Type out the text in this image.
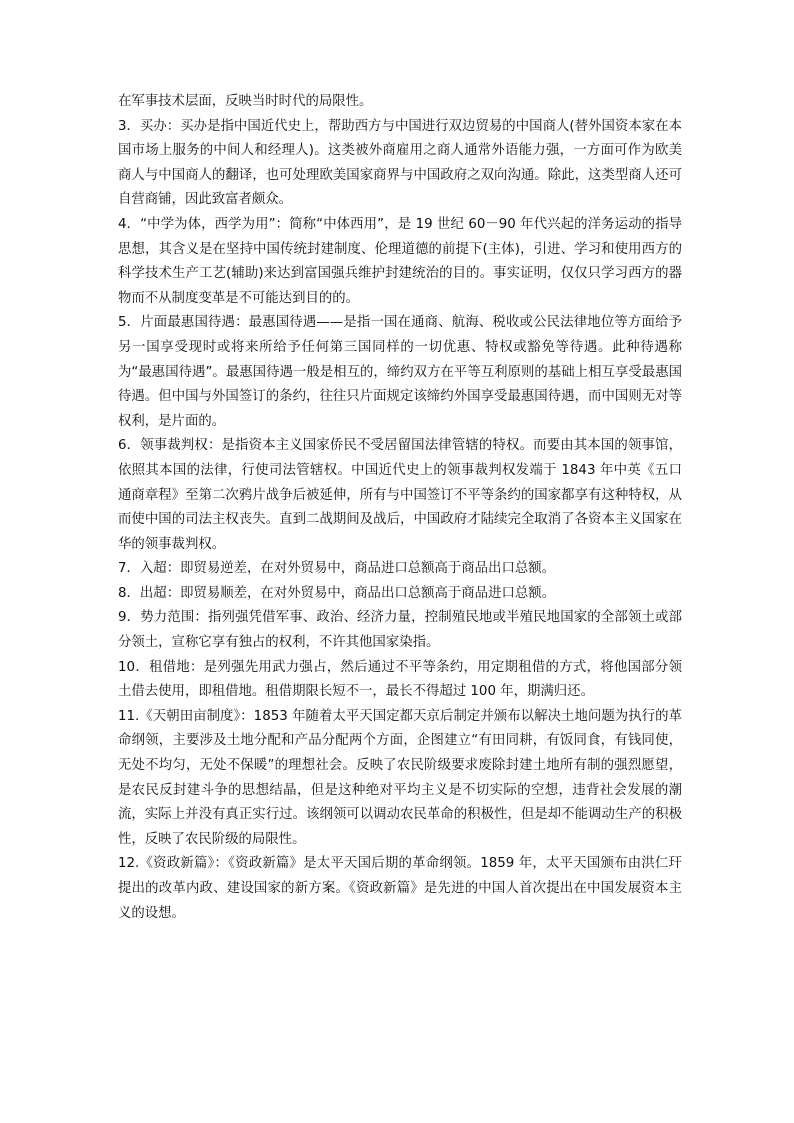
在军事技术层面，反映当时时代的局限性。

3．买办：买办是指中国近代史上，帮助西方与中国进行双边贸易的中国商人(替外国资本家在本国市场上服务的中间人和经理人)。这类被外商雇用之商人通常外语能力强，一方面可作为欧美商人与中国商人的翻译，也可处理欧美国家商界与中国政府之双向沟通。除此，这类型商人还可自营商铺，因此致富者颇众。

4．“中学为体，西学为用”：简称“中体西用”，是 19 世纪 60－90 年代兴起的洋务运动的指导思想，其含义是在坚持中国传统封建制度、伦理道德的前提下(主体)，引进、学习和使用西方的科学技术生产工艺(辅助)来达到富国强兵维护封建统治的目的。事实证明，仅仅只学习西方的器物而不从制度变革是不可能达到目的的。

5．片面最惠国待遇：最惠国待遇——是指一国在通商、航海、税收或公民法律地位等方面给予另一国享受现时或将来所给予任何第三国同样的一切优惠、特权或豁免等待遇。此种待遇称为“最惠国待遇”。最惠国待遇一般是相互的，缔约双方在平等互利原则的基础上相互享受最惠国待遇。但中国与外国签订的条约，往往只片面规定该缔约外国享受最惠国待遇，而中国则无对等权利，是片面的。

6．领事裁判权：是指资本主义国家侨民不受居留国法律管辖的特权。而要由其本国的领事馆，依照其本国的法律，行使司法管辖权。中国近代史上的领事裁判权发端于 1843 年中英《五口通商章程》至第二次鸦片战争后被延伸，所有与中国签订不平等条约的国家都享有这种特权，从而使中国的司法主权丧失。直到二战期间及战后，中国政府才陆续完全取消了各资本主义国家在华的领事裁判权。

7．入超：即贸易逆差，在对外贸易中，商品进口总额高于商品出口总额。

8．出超：即贸易顺差，在对外贸易中，商品出口总额高于商品进口总额。

9．势力范围：指列强凭借军事、政治、经济力量，控制殖民地或半殖民地国家的全部领土或部分领土，宣称它享有独占的权利，不许其他国家染指。

10．租借地：是列强先用武力强占，然后通过不平等条约，用定期租借的方式，将他国部分领土借去使用，即租借地。租借期限长短不一，最长不得超过 100 年，期满归还。

11.《天朝田亩制度》：1853 年随着太平天国定都天京后制定并颁布以解决土地问题为执行的革命纲领，主要涉及土地分配和产品分配两个方面，企图建立“有田同耕，有饭同食，有钱同使，无处不均匀，无处不保暖”的理想社会。反映了农民阶级要求废除封建土地所有制的强烈愿望，是农民反封建斗争的思想结晶，但是这种绝对平均主义是不切实际的空想，违背社会发展的潮流，实际上并没有真正实行过。该纲领可以调动农民革命的积极性，但是却不能调动生产的积极性，反映了农民阶级的局限性。

12.《资政新篇》：《资政新篇》是太平天国后期的革命纲领。1859 年，太平天国颁布由洪仁玕提出的改革内政、建设国家的新方案。《资政新篇》是先进的中国人首次提出在中国发展资本主义的设想。
